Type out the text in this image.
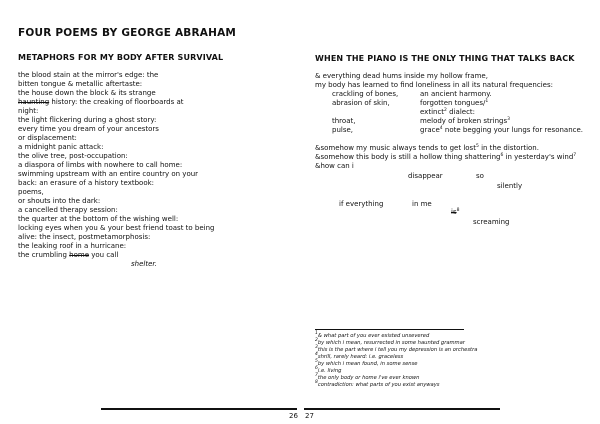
FOUR POEMS BY GEORGE ABRAHAM
METAPHORS FOR MY BODY AFTER SURVIVAL
the blood stain at the mirror's edge: the
bitten tongue & metallic aftertaste:
the house down the block & its strange
haunting history: the creaking of floorboards at
night:
the light flickering during a ghost story:
every time you dream of your ancestors
or displacement:
a midnight panic attack:
the olive tree, post-occupation:
a diaspora of limbs with nowhere to call home:
swimming upstream with an entire country on your
back: an erasure of a history textbook:
poems,
or shouts into the dark:
a cancelled therapy session:
the quarter at the bottom of the wishing well:
locking eyes when you & your best friend toast to being
alive: the insect, postmetamorphosis:
the leaking roof in a hurricane:
the crumbling home you call
shelter.
26
WHEN THE PIANO IS THE ONLY THING THAT TALKS BACK
& everything dead hums inside my hollow frame,
my body has learned to find loneliness in all its natural frequencies:
crackling of bones,	an ancient harmony.
abrasion of skin,	forgotten tongues/$^1$
extinct$^2$ dialect:
throat,	melody of broken strings$^3$
pulse,	grace$^4$ note begging your lungs for resonance.
&somehow my music always tends to get lost$^5$ in the distortion.
&somehow this body is still a hollow thing shattering$^6$ in yesterday's wind$^7$
&how can i
disappear	so
silently
if everything	in me
$is^8$
screaming
$^1$& what part of you ever existed unsevered
$^2$by which i mean, resurrected in some haunted grammar
$^3$this is the part where i tell you my depression is an orchestra
$^4$shrill, rarely heard: i.e. graceless
$^5$by which i mean found, in some sense
$^6$i.e. living
$^7$the only body or home i've ever known
$^8$contradiction: what parts of you exist anyways
27
